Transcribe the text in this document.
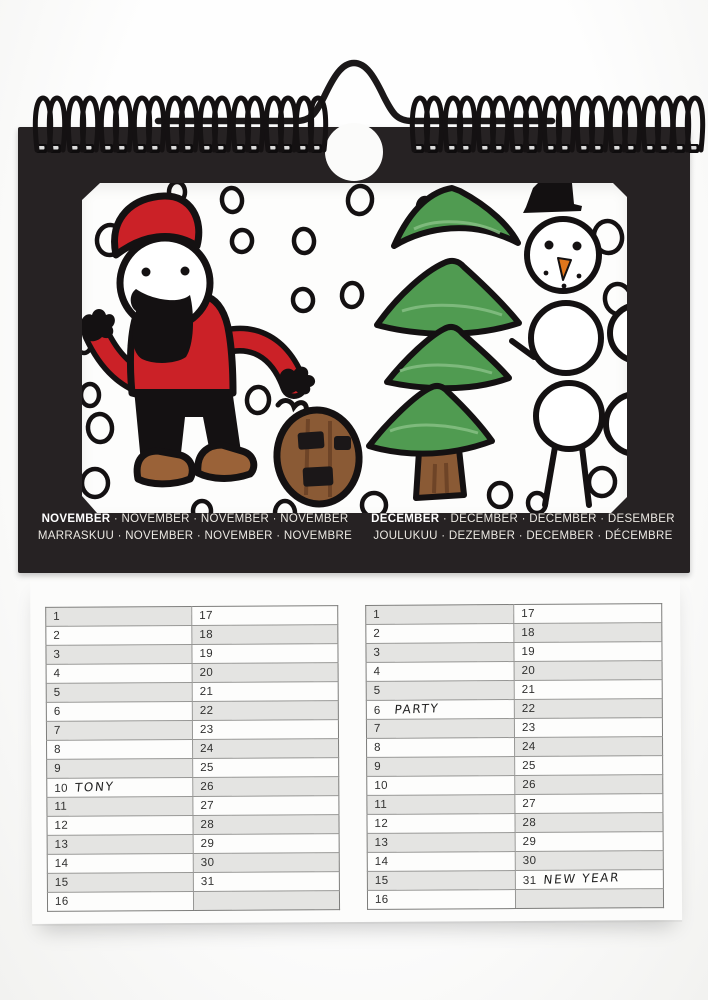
NOVEMBER · NOVEMBER · NOVEMBER · NOVEMBER
MARRASKUU · NOVEMBER · NOVEMBER · NOVEMBRE
DECEMBER · DECEMBER · DECEMBER · DESEMBER
JOULUKUU · DEZEMBER · DECEMBER · DÉCEMBRE
1	17
2	18
3	19
4	20
5	21
6	22
7	23
8	24
9	25
10 TONY	26
11	27
12	28
13	29
14	30
15	31
16	
1	17
2	18
3	19
4	20
5	21
6 PARTY	22
7	23
8	24
9	25
10	26
11	27
12	28
13	29
14	30
15	31 NEW YEAR
16	
